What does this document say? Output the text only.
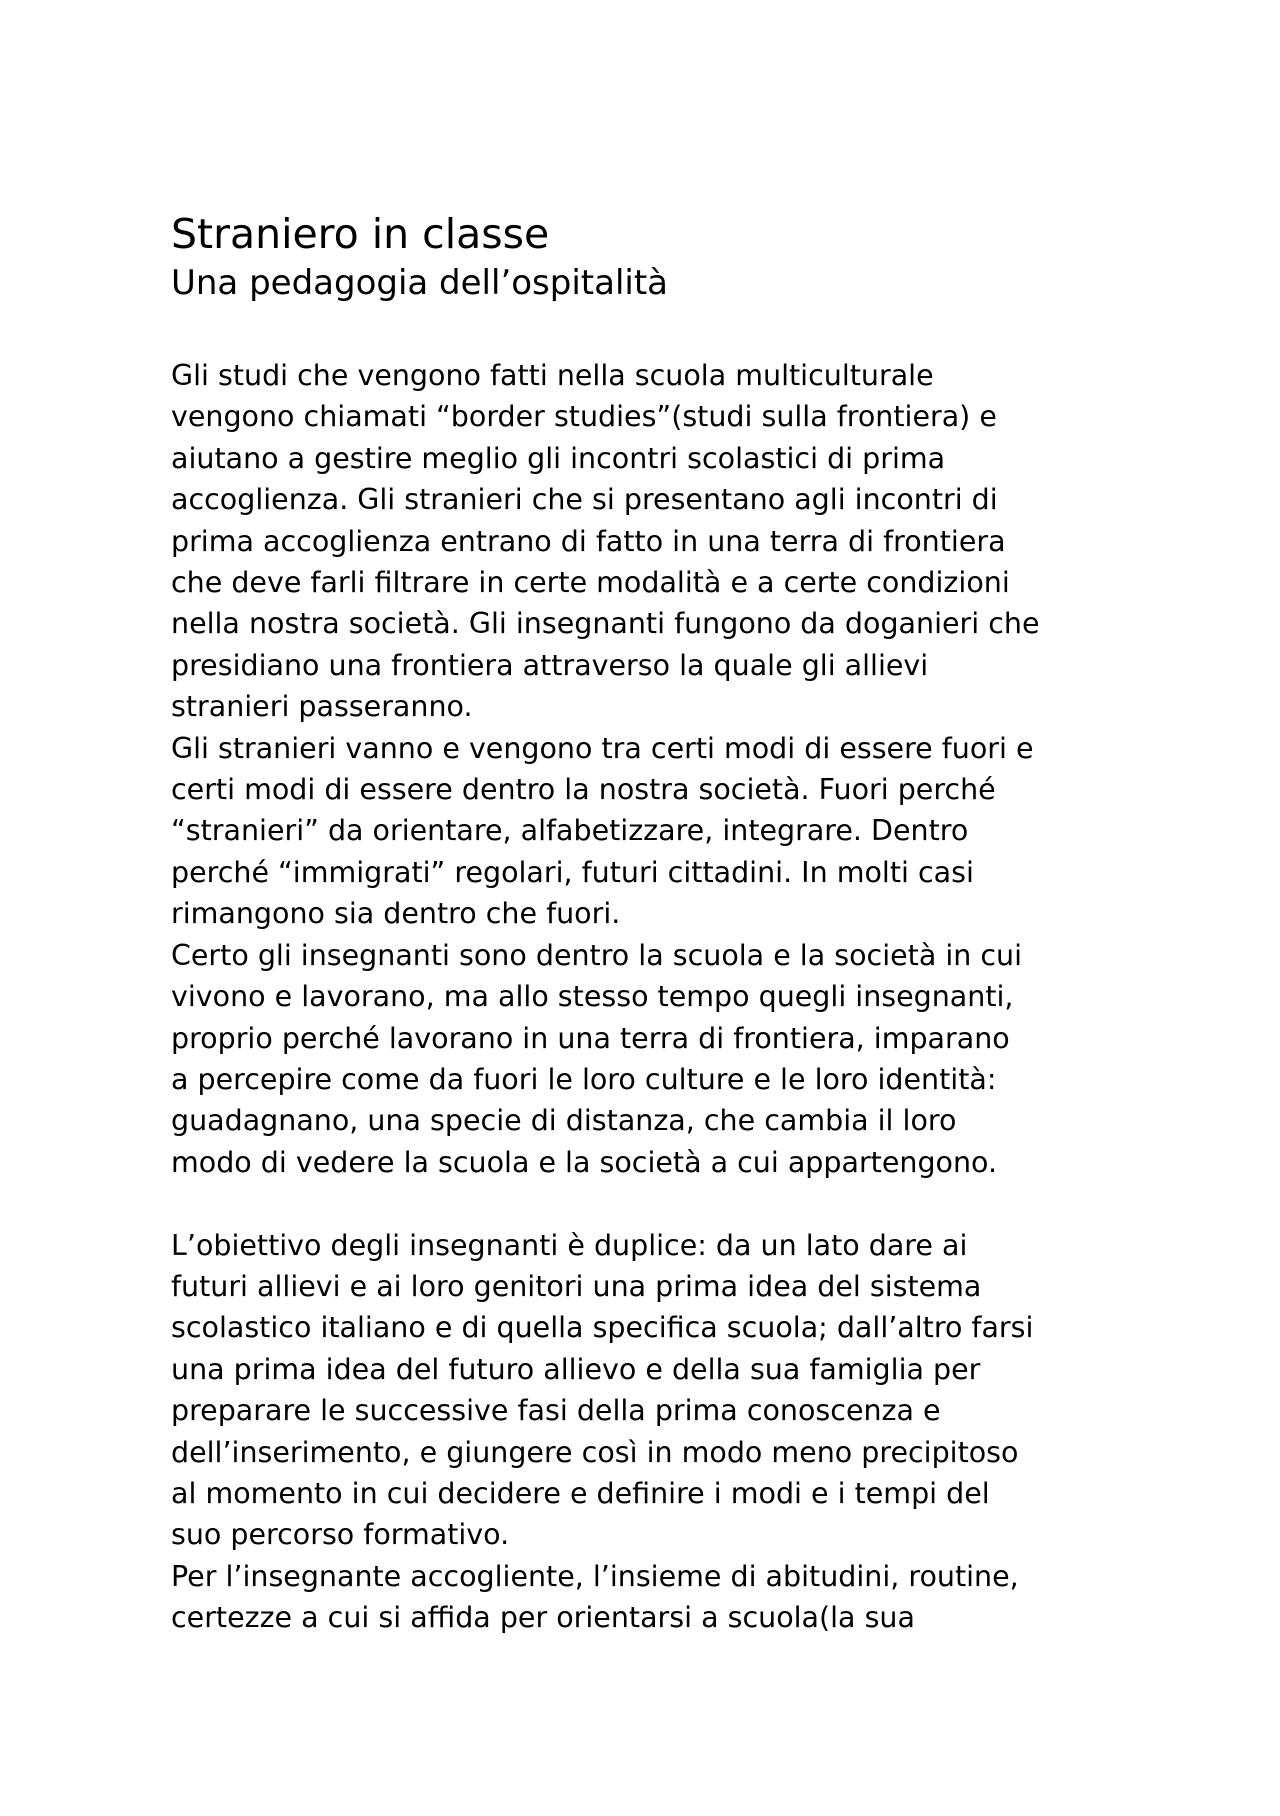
Straniero in classe
Una pedagogia dell’ospitalità

Gli studi che vengono fatti nella scuola multiculturale
vengono chiamati “border studies”(studi sulla frontiera) e
aiutano a gestire meglio gli incontri scolastici di prima
accoglienza. Gli stranieri che si presentano agli incontri di
prima accoglienza entrano di fatto in una terra di frontiera
che deve farli filtrare in certe modalità e a certe condizioni
nella nostra società. Gli insegnanti fungono da doganieri che
presidiano una frontiera attraverso la quale gli allievi
stranieri passeranno.

Gli stranieri vanno e vengono tra certi modi di essere fuori e
certi modi di essere dentro la nostra società. Fuori perché
“stranieri” da orientare, alfabetizzare, integrare. Dentro
perché “immigrati” regolari, futuri cittadini. In molti casi
rimangono sia dentro che fuori.

Certo gli insegnanti sono dentro la scuola e la società in cui
vivono e lavorano, ma allo stesso tempo quegli insegnanti,
proprio perché lavorano in una terra di frontiera, imparano
a percepire come da fuori le loro culture e le loro identità:
guadagnano, una specie di distanza, che cambia il loro
modo di vedere la scuola e la società a cui appartengono.

L’obiettivo degli insegnanti è duplice: da un lato dare ai
futuri allievi e ai loro genitori una prima idea del sistema
scolastico italiano e di quella specifica scuola; dall’altro farsi
una prima idea del futuro allievo e della sua famiglia per
preparare le successive fasi della prima conoscenza e
dell’inserimento, e giungere così in modo meno precipitoso
al momento in cui decidere e definire i modi e i tempi del
suo percorso formativo.

Per l’insegnante accogliente, l’insieme di abitudini, routine,
certezze a cui si affida per orientarsi a scuola(la sua
